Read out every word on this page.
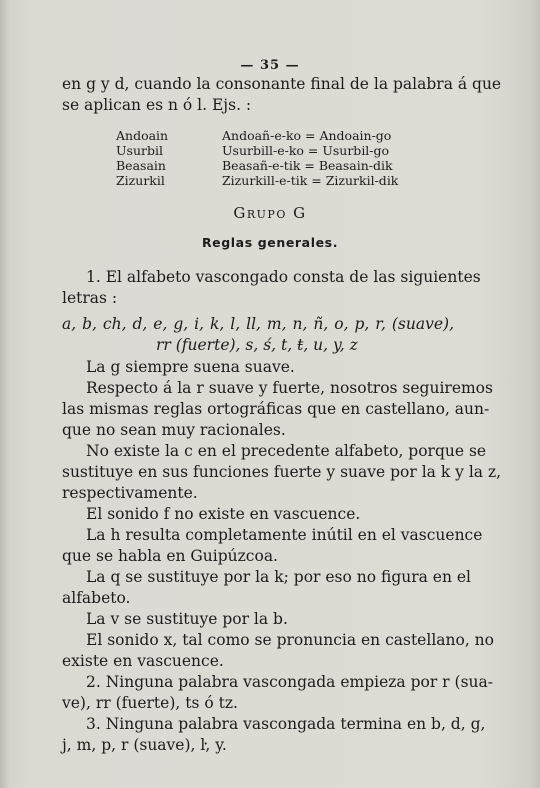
— 35 —
en g y d, cuando la consonante final de la palabra á que
se aplican es n ó l. Ejs. :
Andoain	Andoañ-e-ko = Andoain-go
Usurbil	Usurbill-e-ko = Usurbil-go
Beasain	Beasañ-e-tik = Beasain-dik
Zizurkil	Zizurkill-e-tik = Zizurkil-dik
Grupo G
Reglas generales.
1. El alfabeto vascongado consta de las siguientes
letras :
a, b, ch, d, e, g, i, k, l, ll, m, n, ñ, o, p, r, (suave),
rr (fuerte), s, ś, t, ŧ, u, y, z
La g siempre suena suave.
Respecto á la r suave y fuerte, nosotros seguiremos
las mismas reglas ortográficas que en castellano, aun-
que no sean muy racionales.
No existe la c en el precedente alfabeto, porque se
sustituye en sus funciones fuerte y suave por la k y la z,
respectivamente.
El sonido f no existe en vascuence.
La h resulta completamente inútil en el vascuence
que se habla en Guipúzcoa.
La q se sustituye por la k; por eso no figura en el
alfabeto.
La v se sustituye por la b.
El sonido x, tal como se pronuncia en castellano, no
existe en vascuence.
2. Ninguna palabra vascongada empieza por r (sua-
ve), rr (fuerte), ts ó tz.
3. Ninguna palabra vascongada termina en b, d, g,
j, m, p, r (suave), ŀ, y.
